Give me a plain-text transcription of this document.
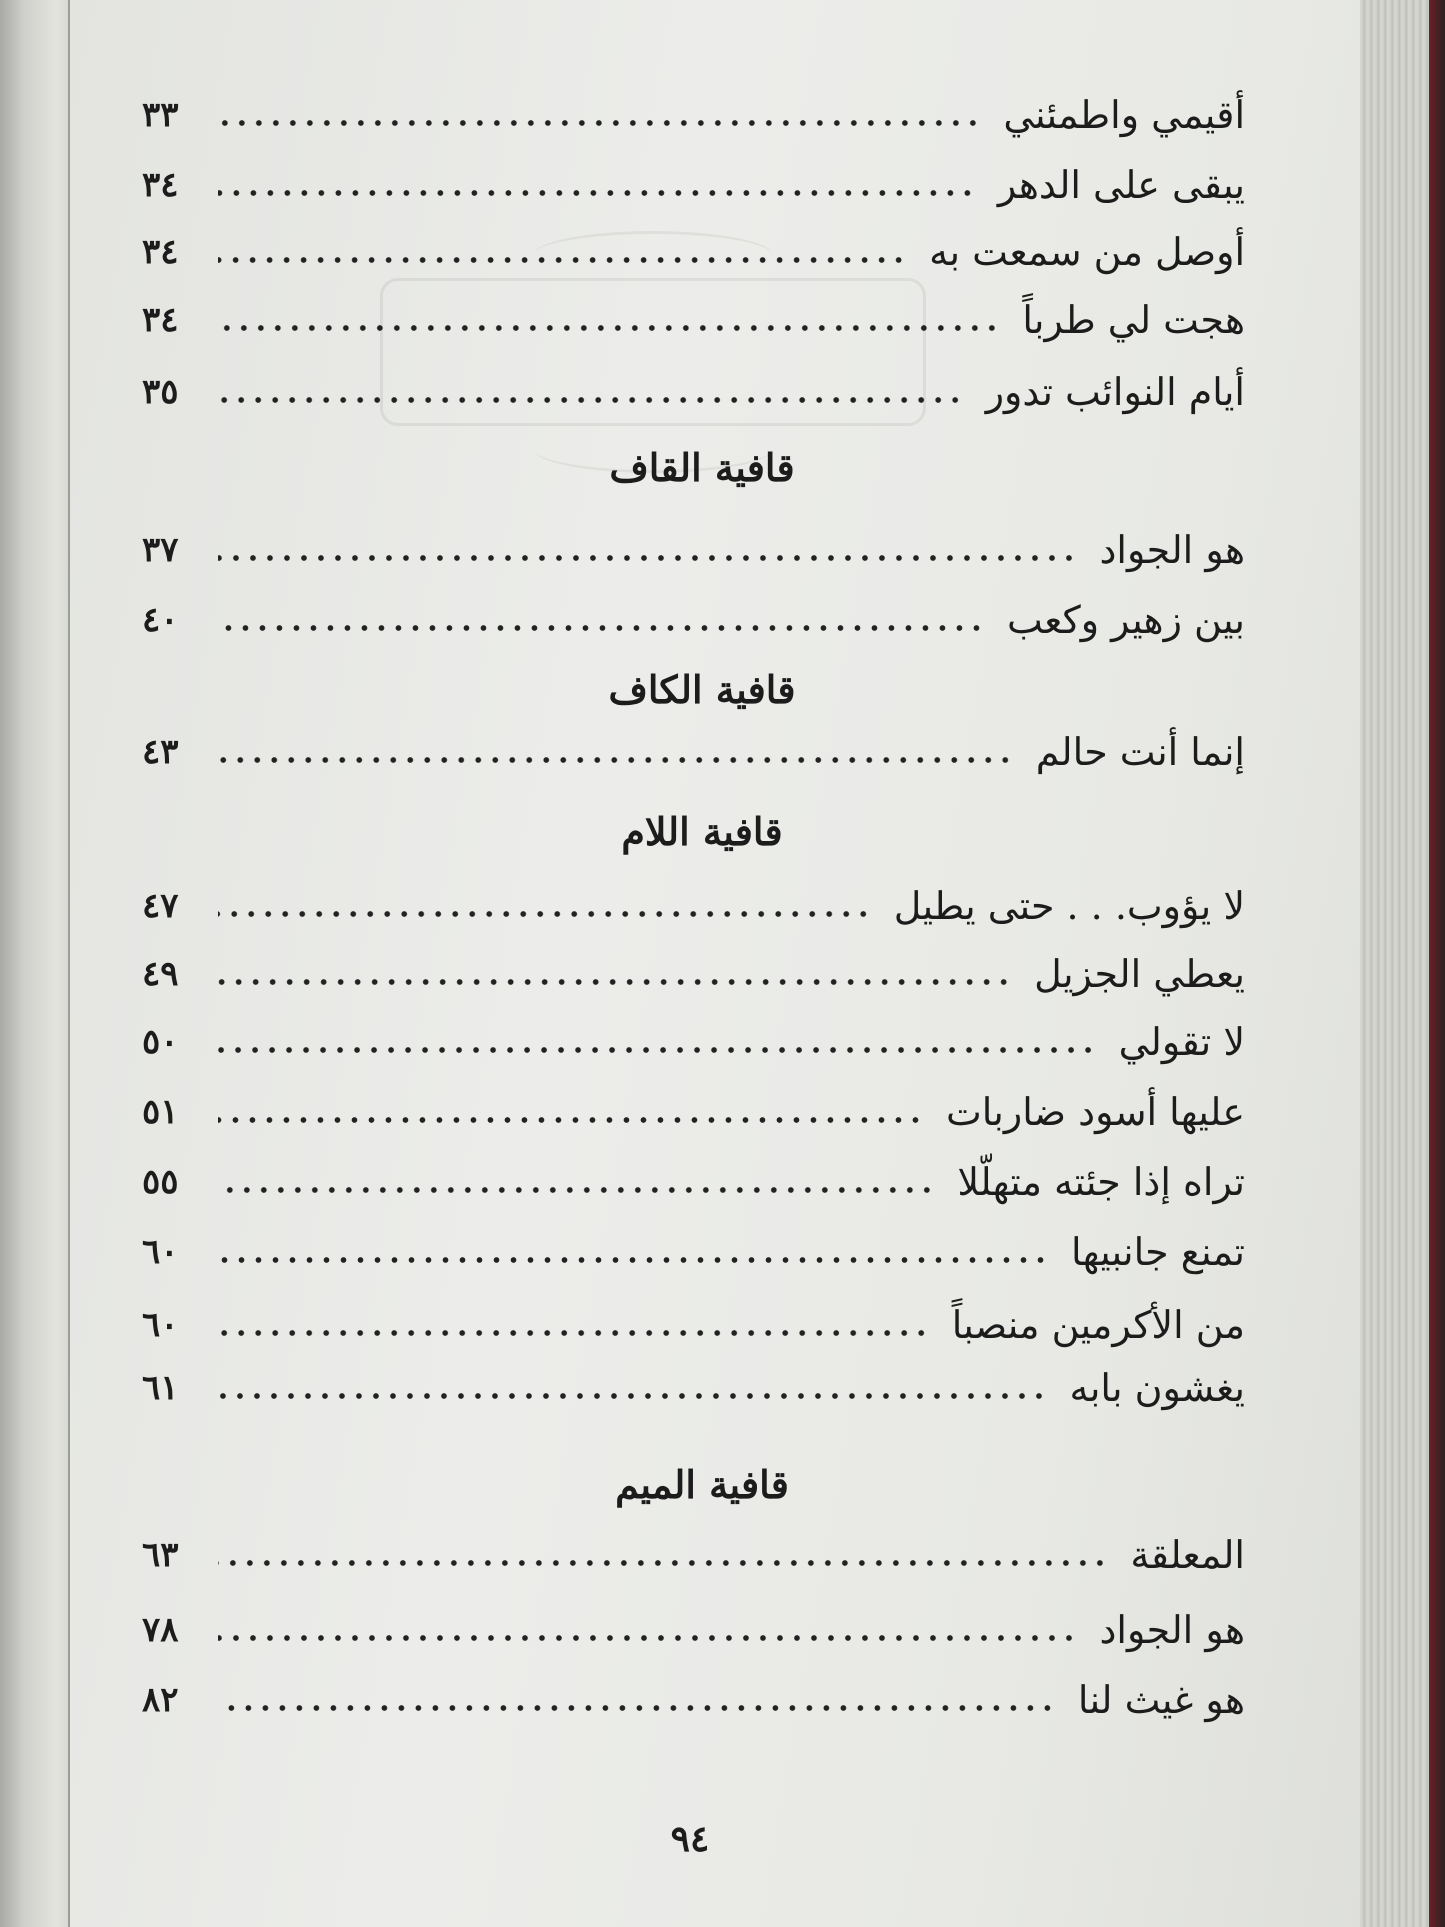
٣٣	أقيمي واطمئني
٣٤	يبقى على الدهر
٣٤	أوصل من سمعت به
٣٤	هجت لي طرباً
٣٥	أيام النوائب تدور
قافية القاف
٣٧	هو الجواد
٤٠	بين زهير وكعب
قافية الكاف
٤٣	إنما أنت حالم
قافية اللام
٤٧	لا يؤوب. . . حتى يطيل
٤٩	يعطي الجزيل
٥٠	لا تقولي
٥١	عليها أسود ضاربات
٥٥	تراه إذا جئته متهلّلا
٦٠	تمنع جانبيها
٦٠	من الأكرمين منصباً
٦١	يغشون بابه
قافية الميم
٦٣	المعلقة
٧٨	هو الجواد
٨٢	هو غيث لنا
٩٤
